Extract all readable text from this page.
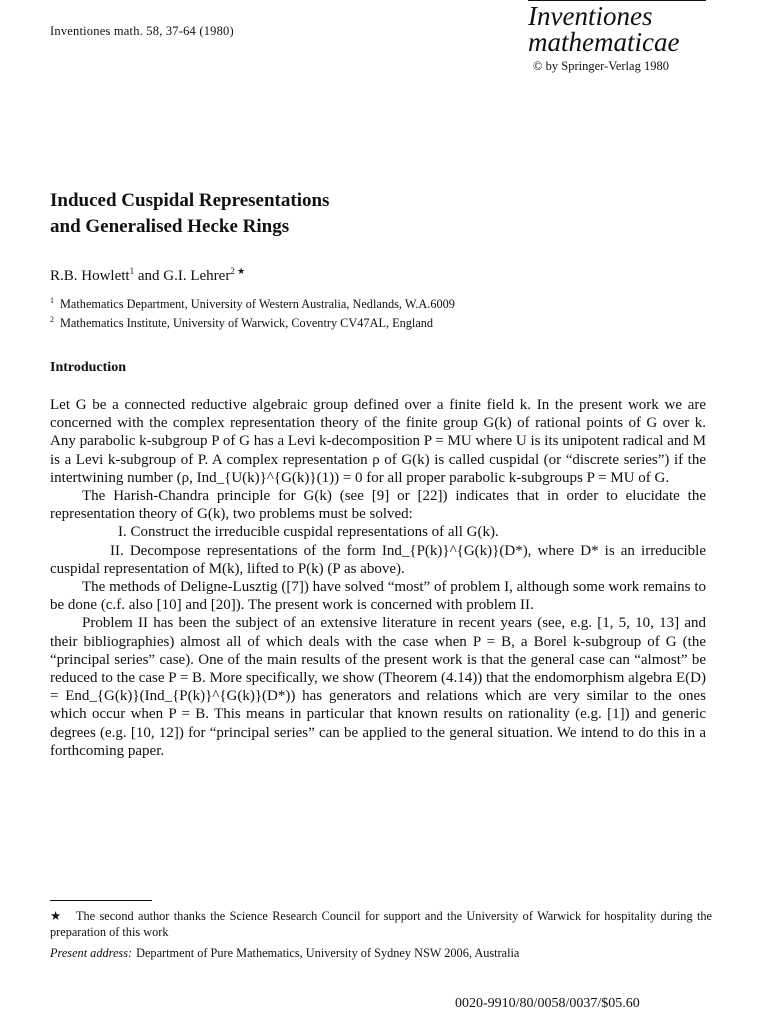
Inventiones math. 58, 37-64 (1980)	Inventiones
mathematicae
© by Springer-Verlag 1980
Induced Cuspidal Representations
and Generalised Hecke Rings
R.B. Howlett$^1$ and G.I. Lehrer$^{2 ★}$
$^1$ Mathematics Department, University of Western Australia, Nedlands, W.A.6009
$^2$ Mathematics Institute, University of Warwick, Coventry CV47AL, England
Introduction

Let G be a connected reductive algebraic group defined over a finite field k. In the present work we are concerned with the complex representation theory of the finite group G(k) of rational points of G over k. Any parabolic k-subgroup P of G has a Levi k-decomposition P = MU where U is its unipotent radical and M is a Levi k-subgroup of P. A complex representation ρ of G(k) is called cuspidal (or “discrete series”) if the intertwining number (ρ, Ind_{U(k)}^{G(k)}(1)) = 0 for all proper parabolic k-subgroups P = MU of G.

The Harish-Chandra principle for G(k) (see [9] or [22]) indicates that in order to elucidate the representation theory of G(k), two problems must be solved:

I. Construct the irreducible cuspidal representations of all G(k).

II. Decompose representations of the form Ind_{P(k)}^{G(k)}(D*), where D* is an irreducible cuspidal representation of M(k), lifted to P(k) (P as above).

The methods of Deligne-Lusztig ([7]) have solved “most” of problem I, although some work remains to be done (c.f. also [10] and [20]). The present work is concerned with problem II.

Problem II has been the subject of an extensive literature in recent years (see, e.g. [1, 5, 10, 13] and their bibliographies) almost all of which deals with the case when P = B, a Borel k-subgroup of G (the “principal series” case). One of the main results of the present work is that the general case can “almost” be reduced to the case P = B. More specifically, we show (Theorem (4.14)) that the endomorphism algebra E(D) = End_{G(k)}(Ind_{P(k)}^{G(k)}(D*)) has generators and relations which are very similar to the ones which occur when P = B. This means in particular that known results on rationality (e.g. [1]) and generic degrees (e.g. [10, 12]) for “principal series” can be applied to the general situation. We intend to do this in a forthcoming paper.

★ The second author thanks the Science Research Council for support and the University of Warwick for hospitality during the preparation of this work
Present address: Department of Pure Mathematics, University of Sydney NSW 2006, Australia
0020-9910/80/0058/0037/$05.60
